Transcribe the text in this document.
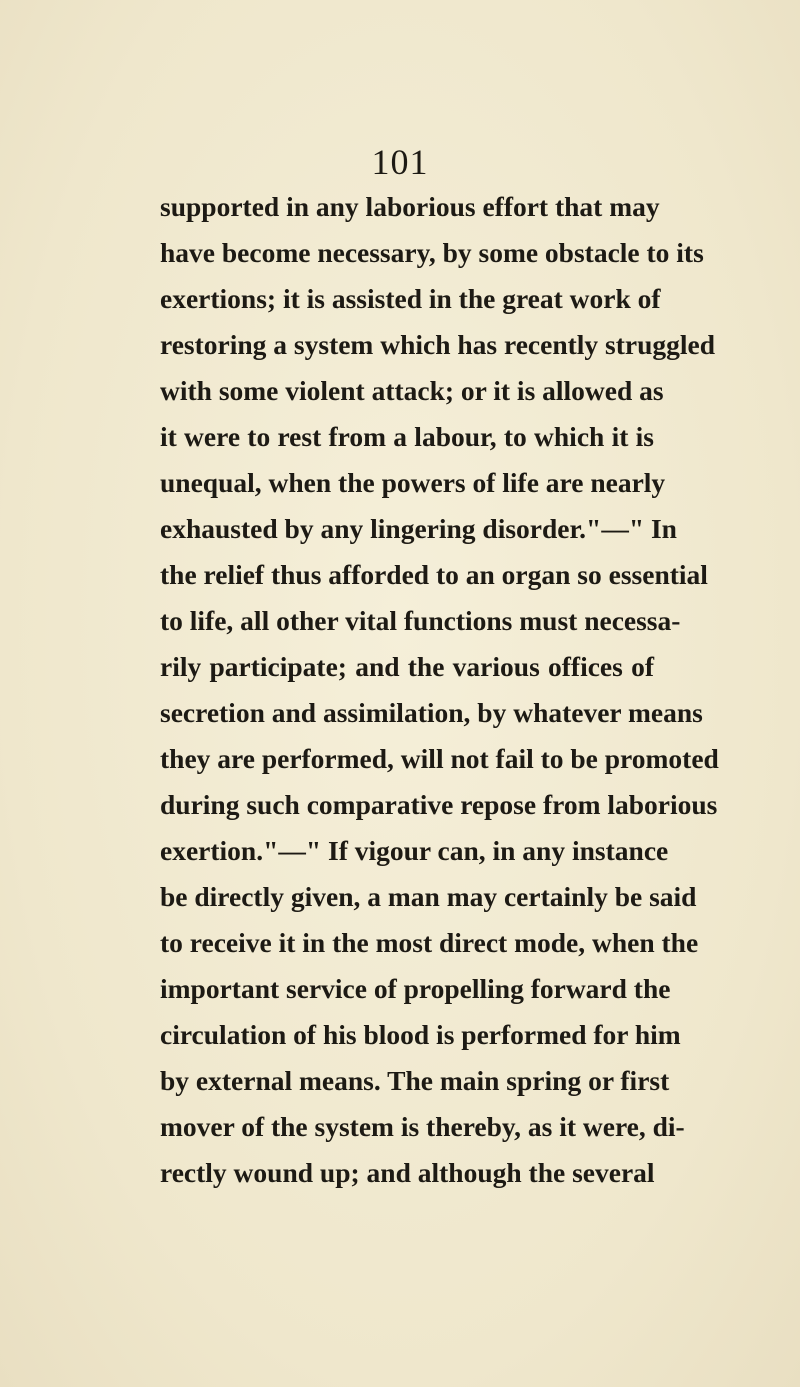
101
supported in any laborious effort that may
have become necessary, by some obstacle to its
exertions; it is assisted in the great work of
restoring a system which has recently struggled
with some violent attack; or it is allowed as
it were to rest from a labour, to which it is
unequal, when the powers of life are nearly
exhausted by any lingering disorder."—" In
the relief thus afforded to an organ so essential
to life, all other vital functions must necessa-
rily participate; and the various offices of
secretion and assimilation, by whatever means
they are performed, will not fail to be promoted
during such comparative repose from laborious
exertion."—" If vigour can, in any instance
be directly given, a man may certainly be said
to receive it in the most direct mode, when the
important service of propelling forward the
circulation of his blood is performed for him
by external means. The main spring or first
mover of the system is thereby, as it were, di-
rectly wound up; and although the several
